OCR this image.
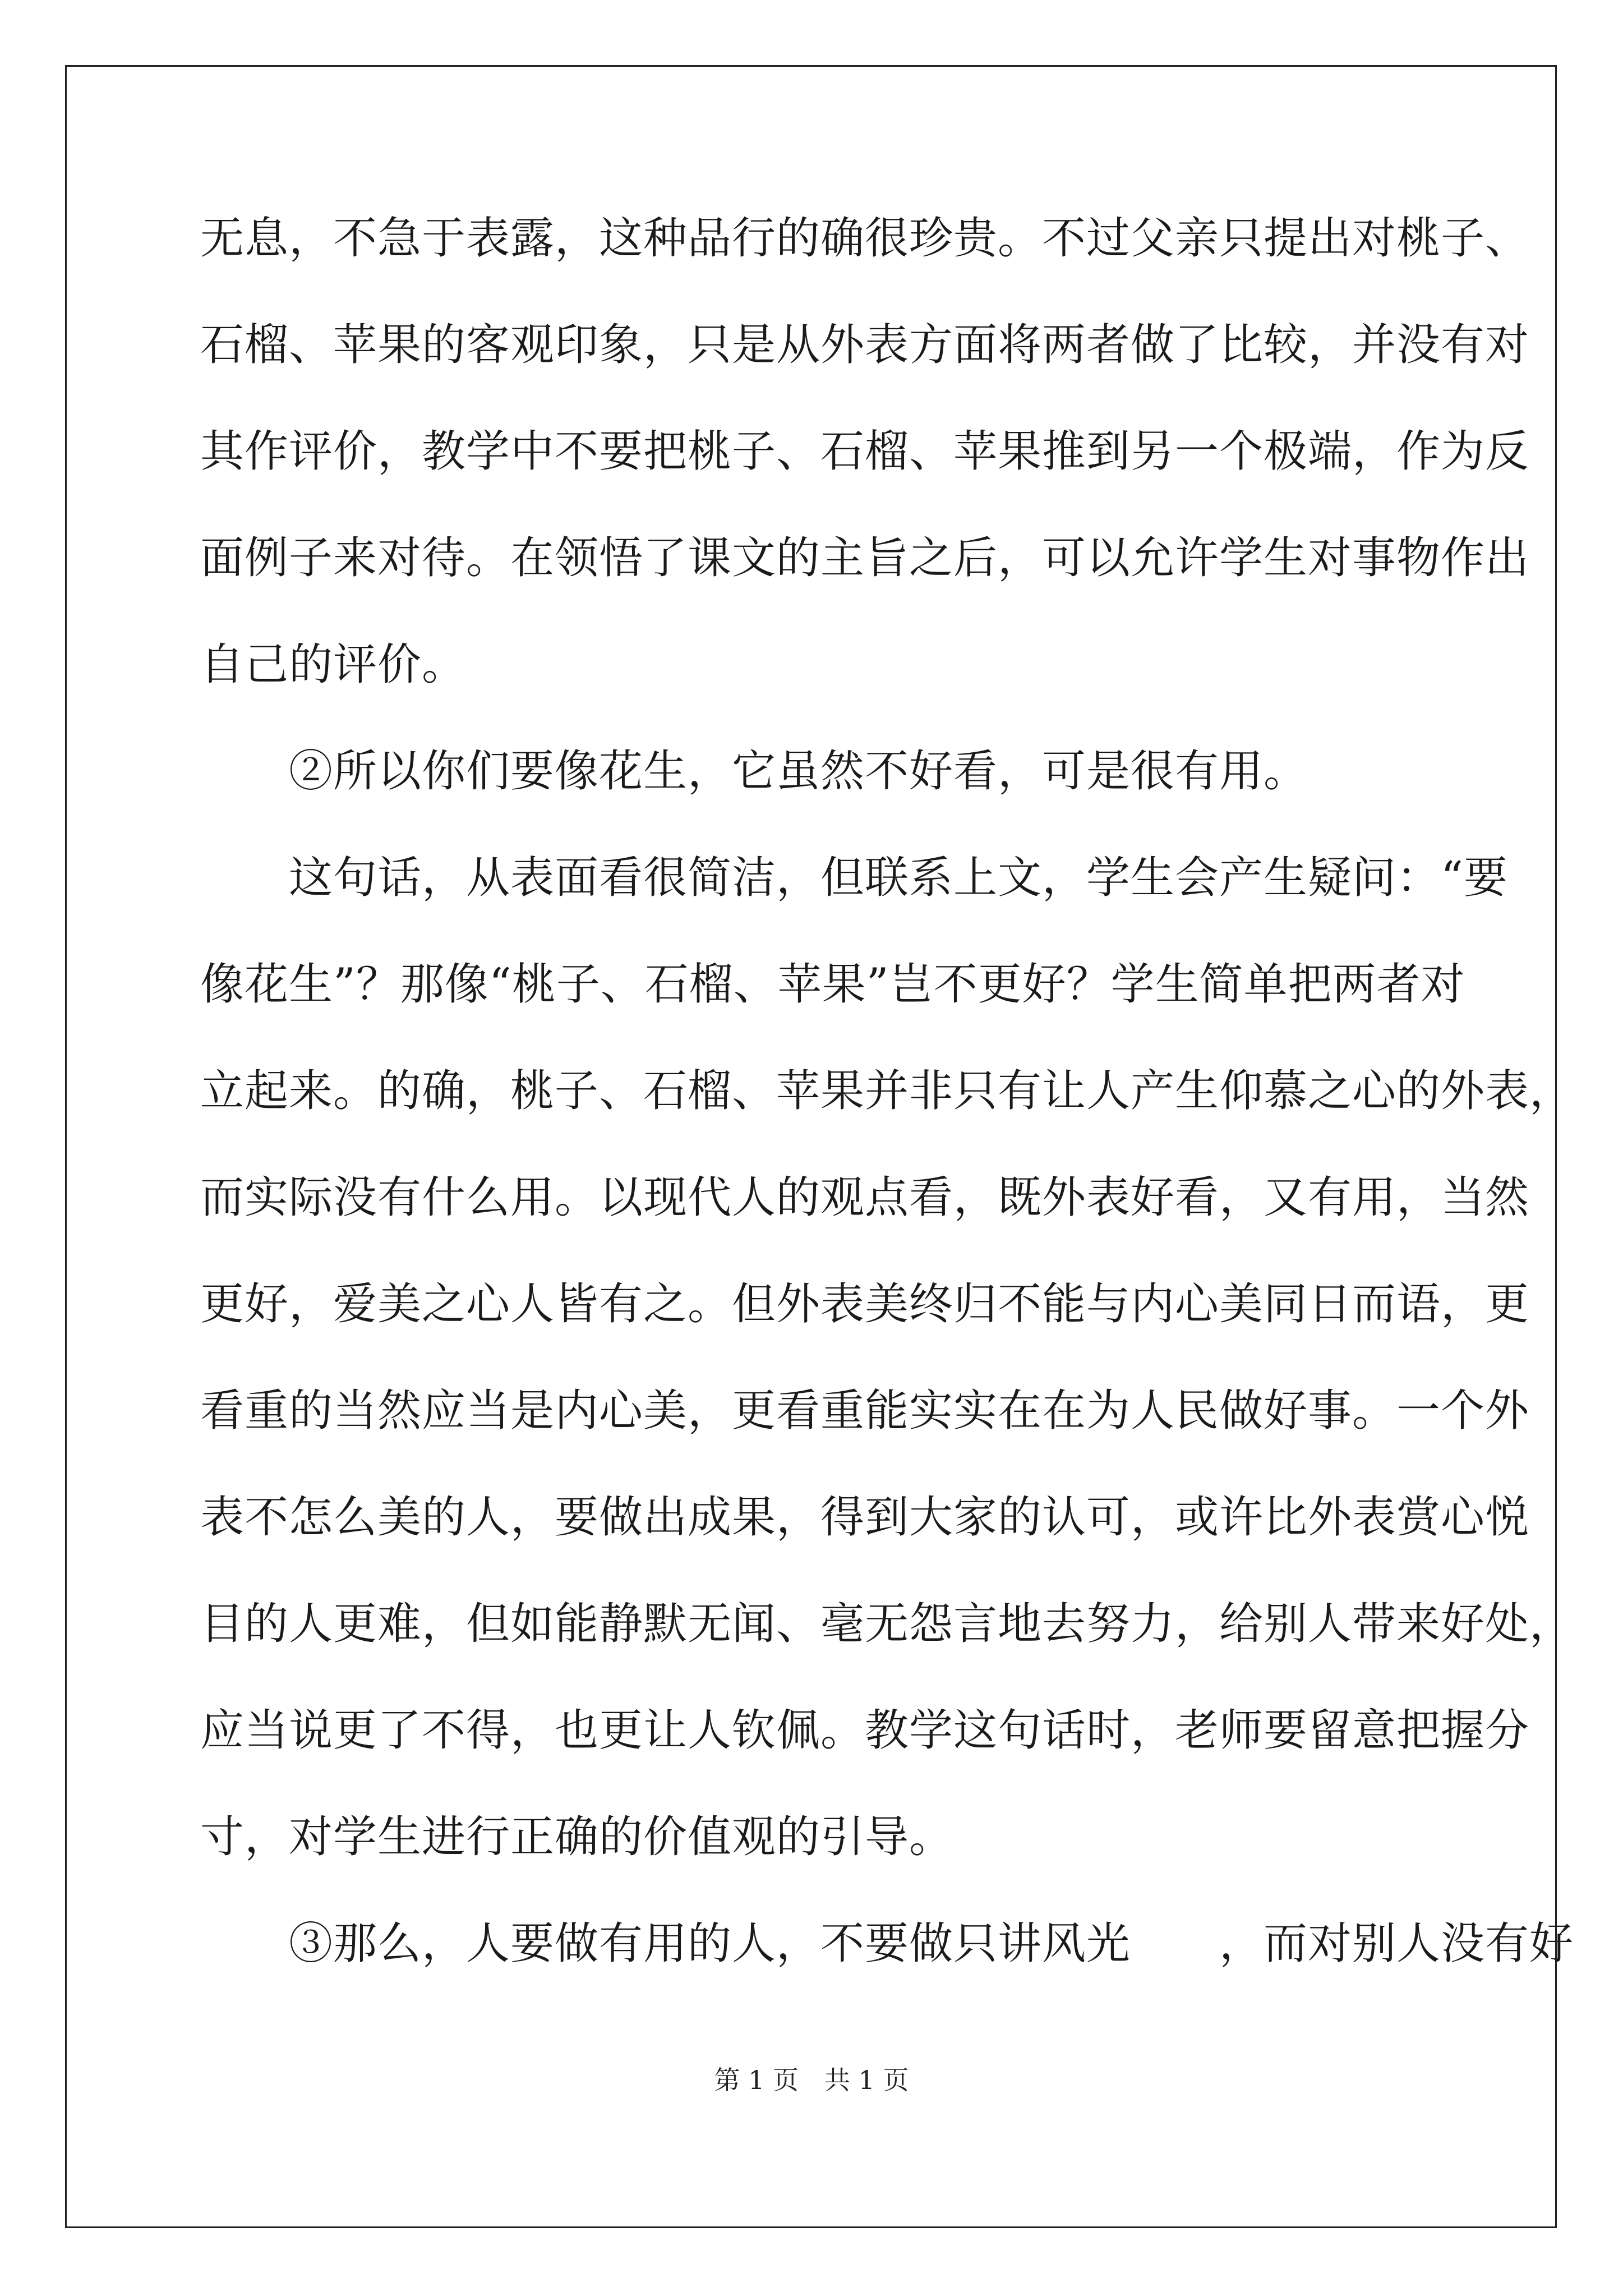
无息，不急于表露，这种品行的确很珍贵。不过父亲只提出对桃子、
石榴、苹果的客观印象，只是从外表方面将两者做了比较，并没有对
其作评价，教学中不要把桃子、石榴、苹果推到另一个极端，作为反
面例子来对待。在领悟了课文的主旨之后，可以允许学生对事物作出
自己的评价。
　　②所以你们要像花生，它虽然不好看，可是很有用。
　　这句话，从表面看很简洁，但联系上文，学生会产生疑问：“要
像花生”？那像“桃子、石榴、苹果”岂不更好？学生简单把两者对
立起来。的确，桃子、石榴、苹果并非只有让人产生仰慕之心的外表，
而实际没有什么用。以现代人的观点看，既外表好看，又有用，当然
更好，爱美之心人皆有之。但外表美终归不能与内心美同日而语，更
看重的当然应当是内心美，更看重能实实在在为人民做好事。一个外
表不怎么美的人，要做出成果，得到大家的认可，或许比外表赏心悦
目的人更难，但如能静默无闻、毫无怨言地去努力，给别人带来好处，
应当说更了不得，也更让人钦佩。教学这句话时，老师要留意把握分
寸，对学生进行正确的价值观的引导。
　　③那么，人要做有用的人，不要做只讲风光　　，而对别人没有好
第 1 页　共 1 页
